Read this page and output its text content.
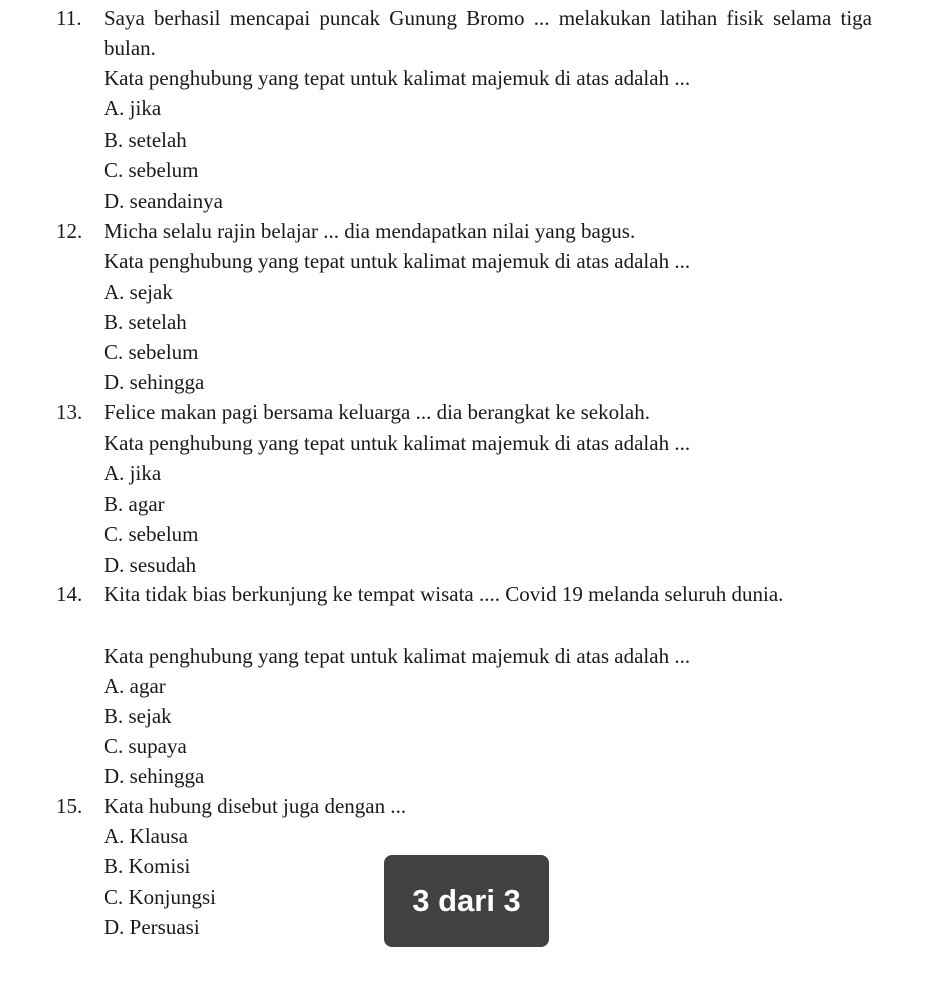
11. Saya berhasil mencapai puncak Gunung Bromo ... melakukan latihan fisik selama tiga bulan.
Kata penghubung yang tepat untuk kalimat majemuk di atas adalah ...
A. jika
B. setelah
C. sebelum
D. seandainya
12. Micha selalu rajin belajar ... dia mendapatkan nilai yang bagus.
Kata penghubung yang tepat untuk kalimat majemuk di atas adalah ...
A. sejak
B. setelah
C. sebelum
D. sehingga
13. Felice makan pagi bersama keluarga ... dia berangkat ke sekolah.
Kata penghubung yang tepat untuk kalimat majemuk di atas adalah ...
A. jika
B. agar
C. sebelum
D. sesudah
14. Kita tidak bias berkunjung ke tempat wisata .... Covid 19 melanda seluruh dunia.
Kata penghubung yang tepat untuk kalimat majemuk di atas adalah ...
A. agar
B. sejak
C. supaya
D. sehingga
15. Kata hubung disebut juga dengan ...
A. Klausa
B. Komisi
C. Konjungsi
D. Persuasi
3 dari 3
